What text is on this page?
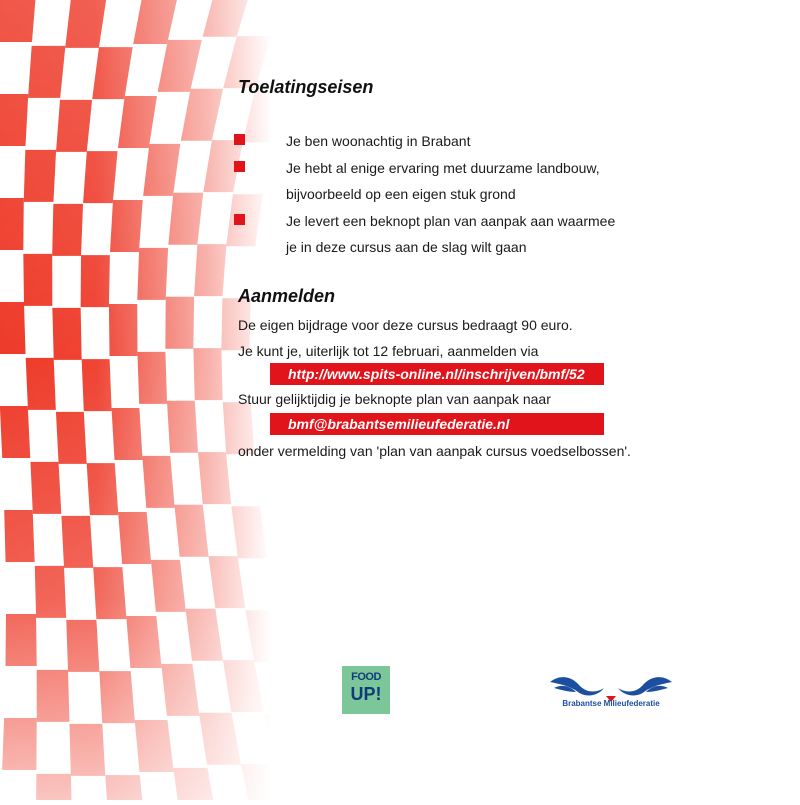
Toelatingseisen
Je ben woonachtig in Brabant
Je hebt al enige ervaring met duurzame landbouw,
bijvoorbeeld op een eigen stuk grond
Je levert een beknopt plan van aanpak aan waarmee
je in deze cursus aan de slag wilt gaan
Aanmelden

De eigen bijdrage voor deze cursus bedraagt 90 euro.

Je kunt je, uiterlijk tot 12 februari, aanmelden via

http://www.spits-online.nl/inschrijven/bmf/52

Stuur gelijktijdig je beknopte plan van aanpak naar

bmf@brabantsemilieufederatie.nl

onder vermelding van 'plan van aanpak cursus voedselbossen'.

FOOD
UP!	Brabantse Milieufederatie
